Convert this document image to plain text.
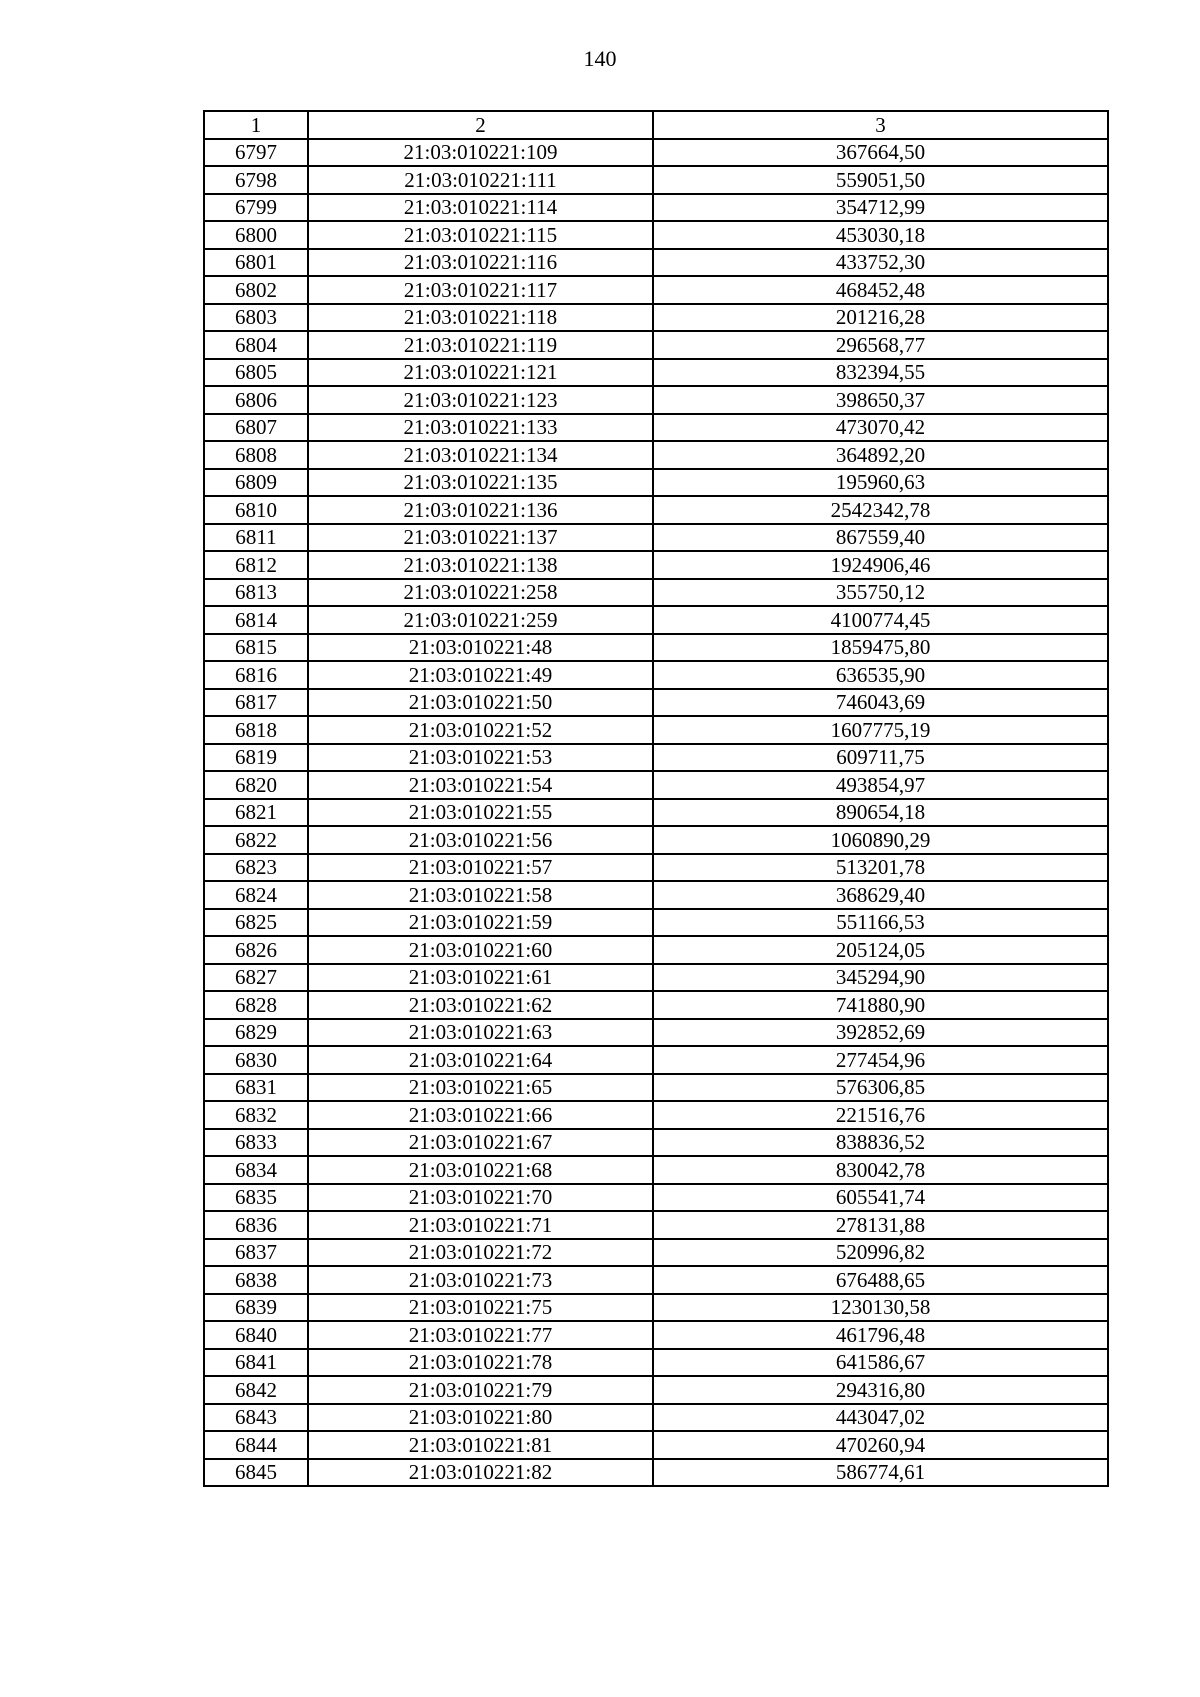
140
1	2	3
6797	21:03:010221:109	367664,50
6798	21:03:010221:111	559051,50
6799	21:03:010221:114	354712,99
6800	21:03:010221:115	453030,18
6801	21:03:010221:116	433752,30
6802	21:03:010221:117	468452,48
6803	21:03:010221:118	201216,28
6804	21:03:010221:119	296568,77
6805	21:03:010221:121	832394,55
6806	21:03:010221:123	398650,37
6807	21:03:010221:133	473070,42
6808	21:03:010221:134	364892,20
6809	21:03:010221:135	195960,63
6810	21:03:010221:136	2542342,78
6811	21:03:010221:137	867559,40
6812	21:03:010221:138	1924906,46
6813	21:03:010221:258	355750,12
6814	21:03:010221:259	4100774,45
6815	21:03:010221:48	1859475,80
6816	21:03:010221:49	636535,90
6817	21:03:010221:50	746043,69
6818	21:03:010221:52	1607775,19
6819	21:03:010221:53	609711,75
6820	21:03:010221:54	493854,97
6821	21:03:010221:55	890654,18
6822	21:03:010221:56	1060890,29
6823	21:03:010221:57	513201,78
6824	21:03:010221:58	368629,40
6825	21:03:010221:59	551166,53
6826	21:03:010221:60	205124,05
6827	21:03:010221:61	345294,90
6828	21:03:010221:62	741880,90
6829	21:03:010221:63	392852,69
6830	21:03:010221:64	277454,96
6831	21:03:010221:65	576306,85
6832	21:03:010221:66	221516,76
6833	21:03:010221:67	838836,52
6834	21:03:010221:68	830042,78
6835	21:03:010221:70	605541,74
6836	21:03:010221:71	278131,88
6837	21:03:010221:72	520996,82
6838	21:03:010221:73	676488,65
6839	21:03:010221:75	1230130,58
6840	21:03:010221:77	461796,48
6841	21:03:010221:78	641586,67
6842	21:03:010221:79	294316,80
6843	21:03:010221:80	443047,02
6844	21:03:010221:81	470260,94
6845	21:03:010221:82	586774,61
